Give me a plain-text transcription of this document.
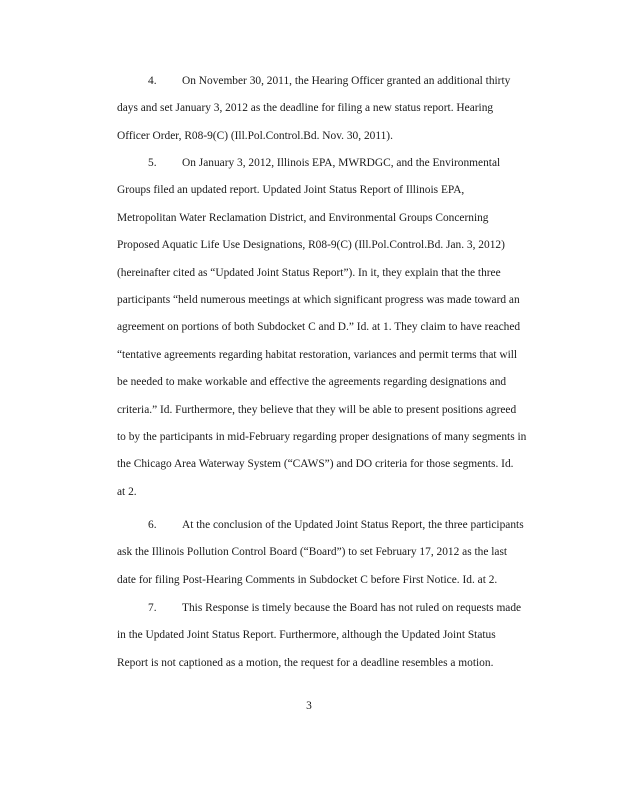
4. On November 30, 2011, the Hearing Officer granted an additional thirty
days and set January 3, 2012 as the deadline for filing a new status report. Hearing
Officer Order, R08-9(C) (Ill.Pol.Control.Bd. Nov. 30, 2011).
5. On January 3, 2012, Illinois EPA, MWRDGC, and the Environmental
Groups filed an updated report. Updated Joint Status Report of Illinois EPA,
Metropolitan Water Reclamation District, and Environmental Groups Concerning
Proposed Aquatic Life Use Designations, R08-9(C) (Ill.Pol.Control.Bd. Jan. 3, 2012)
(hereinafter cited as “Updated Joint Status Report”). In it, they explain that the three
participants “held numerous meetings at which significant progress was made toward an
agreement on portions of both Subdocket C and D.” Id. at 1. They claim to have reached
“tentative agreements regarding habitat restoration, variances and permit terms that will
be needed to make workable and effective the agreements regarding designations and
criteria.” Id. Furthermore, they believe that they will be able to present positions agreed
to by the participants in mid-February regarding proper designations of many segments in
the Chicago Area Waterway System (“CAWS”) and DO criteria for those segments. Id.
at 2.
6. At the conclusion of the Updated Joint Status Report, the three participants
ask the Illinois Pollution Control Board (“Board”) to set February 17, 2012 as the last
date for filing Post-Hearing Comments in Subdocket C before First Notice. Id. at 2.
7. This Response is timely because the Board has not ruled on requests made
in the Updated Joint Status Report. Furthermore, although the Updated Joint Status
Report is not captioned as a motion, the request for a deadline resembles a motion.
3
